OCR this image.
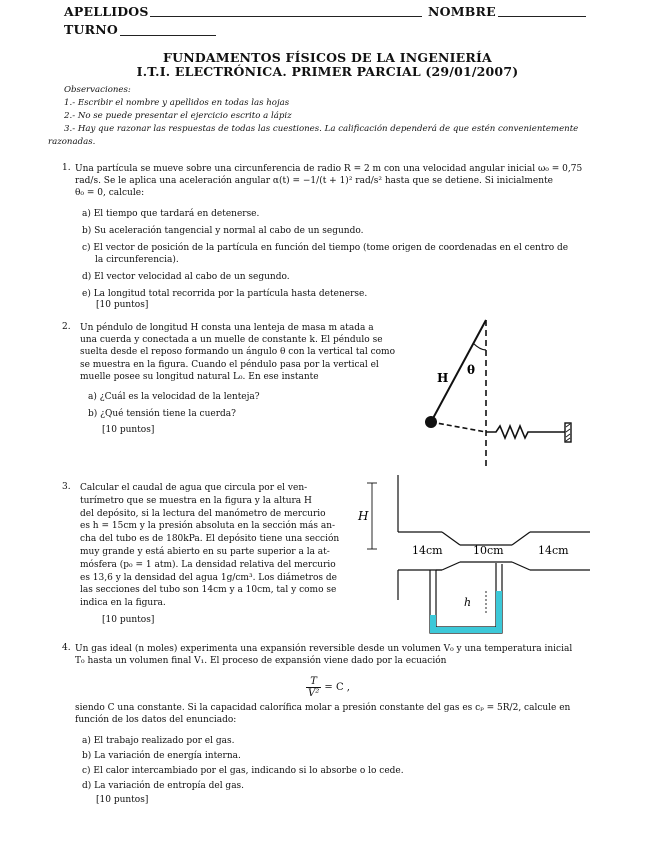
APELLIDOS	NOMBRE
TURNO
FUNDAMENTOS FÍSICOS DE LA INGENIERÍA
I.T.I. ELECTRÓNICA. PRIMER PARCIAL (29/01/2007)
Observaciones:
1.- Escribir el nombre y apellidos en todas las hojas
2.- No se puede presentar el ejercicio escrito a lápiz
3.- Hay que razonar las respuestas de todas las cuestiones. La calificación dependerá de que estén convenientemente
razonadas.
1. Una partícula se mueve sobre una circunferencia de radio R = 2 m con una velocidad angular inicial ω₀ = 0,75
rad/s. Se le aplica una aceleración angular α(t) = −1/(t + 1)² rad/s² hasta que se detiene. Si inicialmente
θ₀ = 0, calcule:
a) El tiempo que tardará en detenerse.
b) Su aceleración tangencial y normal al cabo de un segundo.
c) El vector de posición de la partícula en función del tiempo (tome origen de coordenadas en el centro de
la circunferencia).
d) El vector velocidad al cabo de un segundo.
e) La longitud total recorrida por la partícula hasta detenerse.
[10 puntos]
2. Un péndulo de longitud H consta una lenteja de masa m atada a
una cuerda y conectada a un muelle de constante k. El péndulo se
suelta desde el reposo formando un ángulo θ con la vertical tal como
se muestra en la figura. Cuando el péndulo pasa por la vertical el
muelle posee su longitud natural L₀. En ese instante
a) ¿Cuál es la velocidad de la lenteja?
b) ¿Qué tensión tiene la cuerda?
[10 puntos]
θ
H
3. Calcular el caudal de agua que circula por el ven-
turímetro que se muestra en la figura y la altura H
del depósito, si la lectura del manómetro de mercurio
es h = 15cm y la presión absoluta en la sección más an-
cha del tubo es de 180kPa. El depósito tiene una sección
muy grande y está abierto en su parte superior a la at-
mósfera (p₀ = 1 atm). La densidad relativa del mercurio
es 13,6 y la densidad del agua 1g/cm³. Los diámetros de
las secciones del tubo son 14cm y a 10cm, tal y como se
indica en la figura.
[10 puntos]
H
14cm	10cm	14cm
h
4. Un gas ideal (n moles) experimenta una expansión reversible desde un volumen V₀ y una temperatura inicial
T₀ hasta un volumen final V₁. El proceso de expansión viene dado por la ecuación
$\frac{T}{\text{V²}} = C$ ,
siendo C una constante. Si la capacidad calorífica molar a presión constante del gas es cₚ = 5R/2, calcule en
función de los datos del enunciado:
a) El trabajo realizado por el gas.
b) La variación de energía interna.
c) El calor intercambiado por el gas, indicando si lo absorbe o lo cede.
d) La variación de entropía del gas.
[10 puntos]
